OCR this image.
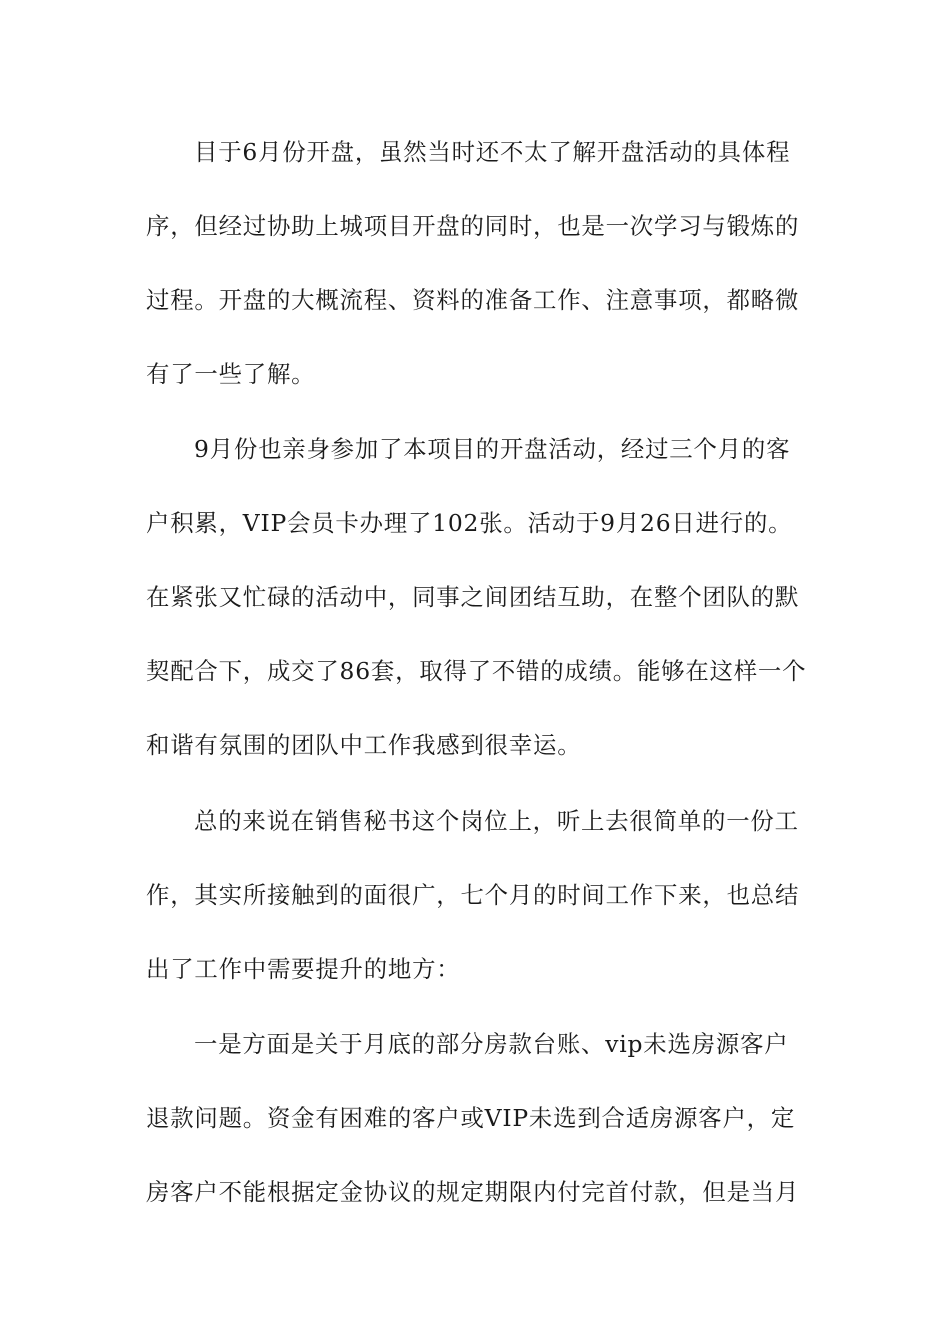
目于6月份开盘，虽然当时还不太了解开盘活动的具体程
序，但经过协助上城项目开盘的同时，也是一次学习与锻炼的
过程。开盘的大概流程、资料的准备工作、注意事项，都略微
有了一些了解。
9月份也亲身参加了本项目的开盘活动，经过三个月的客
户积累，VIP会员卡办理了102张。活动于9月26日进行的。
在紧张又忙碌的活动中，同事之间团结互助，在整个团队的默
契配合下，成交了86套，取得了不错的成绩。能够在这样一个
和谐有氛围的团队中工作我感到很幸运。
总的来说在销售秘书这个岗位上，听上去很简单的一份工
作，其实所接触到的面很广，七个月的时间工作下来，也总结
出了工作中需要提升的地方：
一是方面是关于月底的部分房款台账、vip未选房源客户
退款问题。资金有困难的客户或VIP未选到合适房源客户，定
房客户不能根据定金协议的规定期限内付完首付款，但是当月
